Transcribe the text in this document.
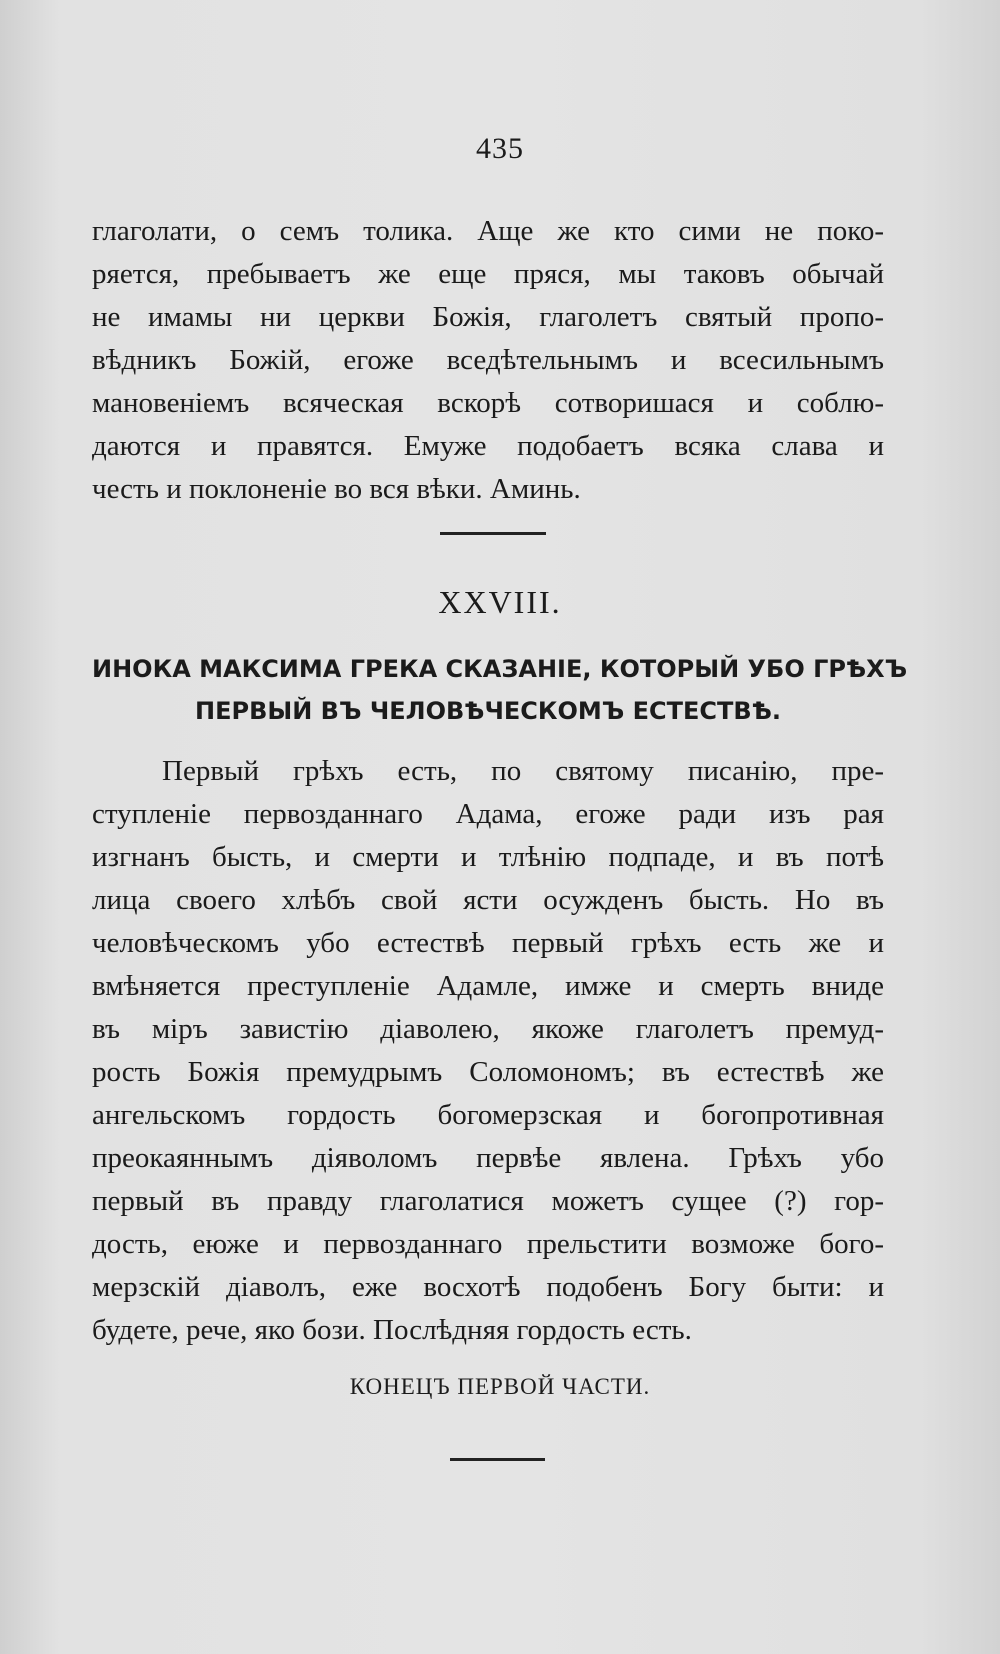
435
глаголати, о семъ толика. Аще же кто сими не поко-
ряется, пребываетъ же еще пряся, мы таковъ обычай
не имамы ни церкви Божія, глаголетъ святый пропо-
вѣдникъ Божій, егоже вседѣтельнымъ и всесильнымъ
мановеніемъ всяческая вскорѣ сотворишася и соблю-
даются и правятся. Емуже подобаетъ всяка слава и
честь и поклоненіе во вся вѣки. Аминь.
XXVIII.
ИНОКА МАКСИМА ГРЕКА СКАЗАНІЕ, КОТОРЫЙ УБО ГРѢХЪ
ПЕРВЫЙ ВЪ ЧЕЛОВѢЧЕСКОМЪ ЕСТЕСТВѢ.
Первый грѣхъ есть, по святому писанію, пре-
ступленіе первозданнаго Адама, егоже ради изъ рая
изгнанъ бысть, и смерти и тлѣнію подпаде, и въ потѣ
лица своего хлѣбъ свой ясти осужденъ бысть. Но въ
человѣческомъ убо естествѣ первый грѣхъ есть же и
вмѣняется преступленіе Адамле, имже и смерть вниде
въ міръ завистію діаволею, якоже глаголетъ премуд-
рость Божія премудрымъ Соломономъ; въ естествѣ же
ангельскомъ гордость богомерзская и богопротивная
преокаяннымъ діяволомъ первѣе явлена. Грѣхъ убо
первый въ правду глаголатися можетъ сущее (?) гор-
дость, еюже и первозданнаго прельстити возможе бого-
мерзскій діаволъ, еже восхотѣ подобенъ Богу быти: и
будете, рече, яко бози. Послѣдняя гордость есть.
КОНЕЦЪ ПЕРВОЙ ЧАСТИ.
